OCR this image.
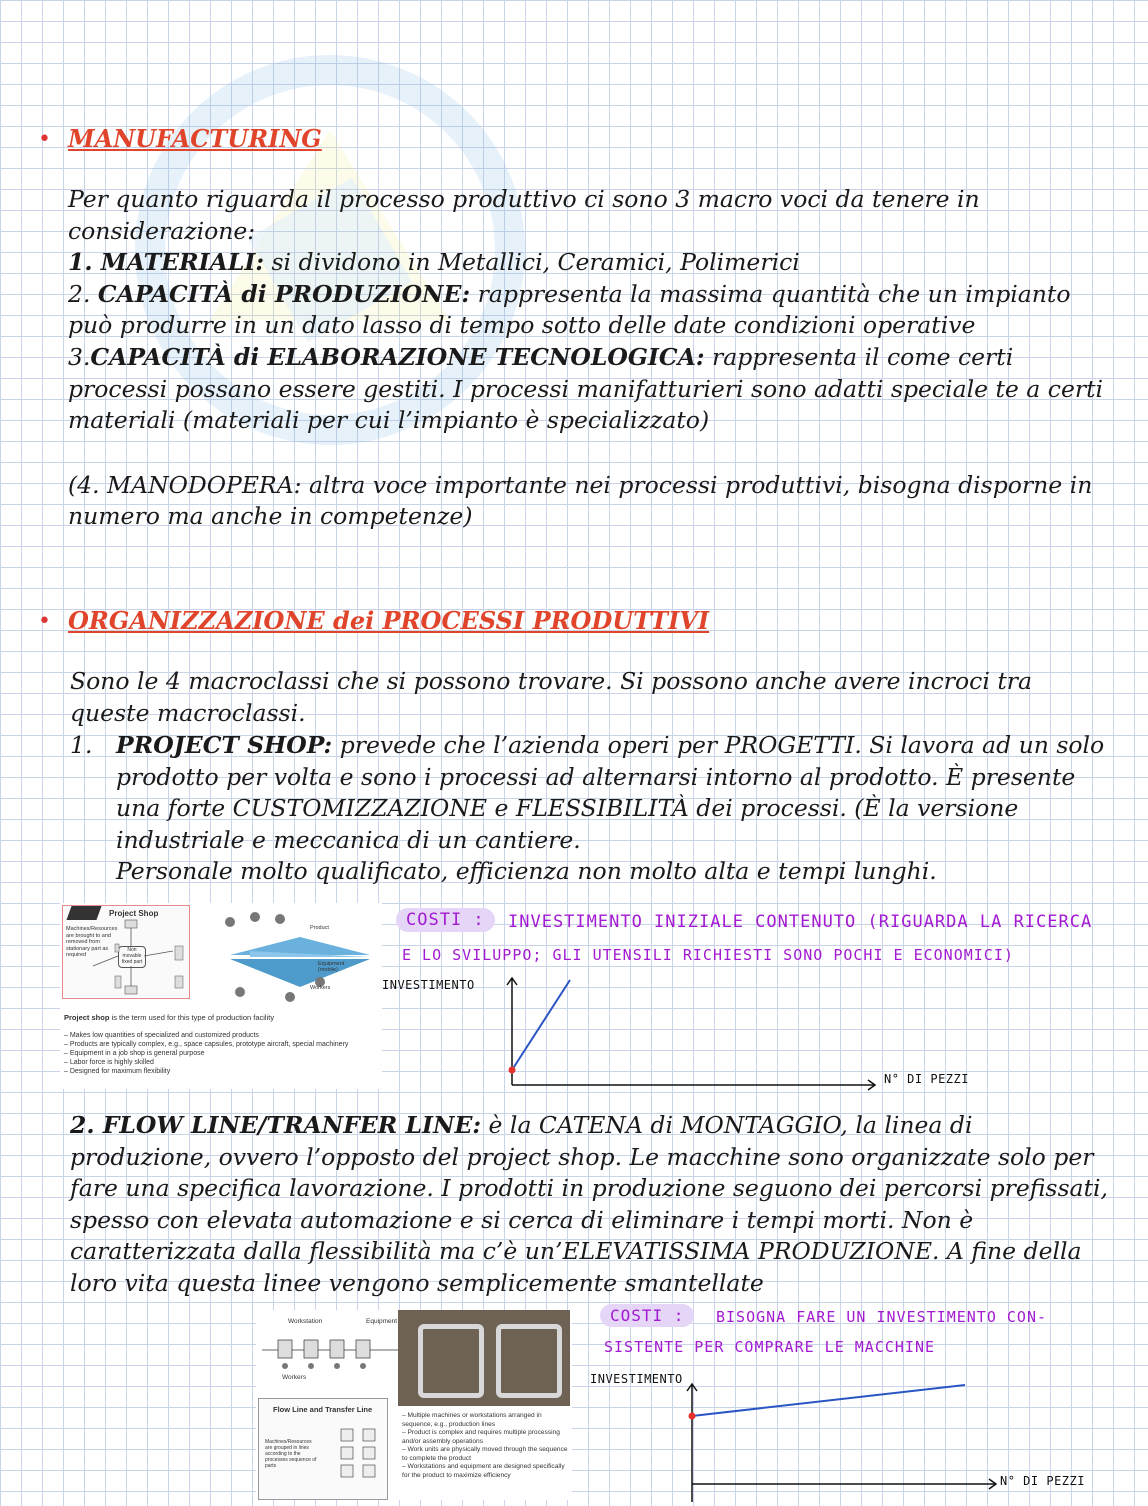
• MANUFACTURING
Per quanto riguarda il processo produttivo ci sono 3 macro voci da tenere in considerazione:
1. MATERIALI: si dividono in Metallici, Ceramici, Polimerici
2. CAPACITÀ di PRODUZIONE: rappresenta la massima quantità che un impianto può produrre in un dato lasso di tempo sotto delle date condizioni operative
3.CAPACITÀ di ELABORAZIONE TECNOLOGICA: rappresenta il come certi processi possano essere gestiti. I processi manifatturieri sono adatti speciale te a certi materiali (materiali per cui l’impianto è specializzato)
(4. MANODOPERA: altra voce importante nei processi produttivi, bisogna disporne in numero ma anche in competenze)
• ORGANIZZAZIONE dei PROCESSI PRODUTTIVI
Sono le 4 macroclassi che si possono trovare. Si possono anche avere incroci tra queste macroclassi.
1. PROJECT SHOP: prevede che l’azienda operi per PROGETTI. Si lavora ad un solo prodotto per volta e sono i processi ad alternarsi intorno al prodotto. È presente una forte CUSTOMIZZAZIONE e FLESSIBILITÀ dei processi. (È la versione industriale e meccanica di un cantiere.
Personale molto qualificato, efficienza non molto alta e tempi lunghi.
Project Shop
Machines/Resources are brought to and removed from stationary part as required
Non movable fixed part
Product
Equipment (mobile)
Workers
Project shop is the term used for this type of production facility
– Makes low quantities of specialized and customized products
– Products are typically complex, e.g., space capsules, prototype aircraft, special machinery
– Equipment in a job shop is general purpose
– Labor force is highly skilled
– Designed for maximum flexibility
COSTI :	INVESTIMENTO INIZIALE CONTENUTO (RIGUARDA LA RICERCA
E LO SVILUPPO; GLI UTENSILI RICHIESTI SONO POCHI E ECONOMICI)
INVESTIMENTO
N° DI PEZZI
2. FLOW LINE/TRANFER LINE: è la CATENA di MONTAGGIO, la linea di produzione, ovvero l’opposto del project shop. Le macchine sono organizzate solo per fare una specifica lavorazione. I prodotti in produzione seguono dei percorsi prefissati, spesso con elevata automazione e si cerca di eliminare i tempi morti. Non è caratterizzata dalla flessibilità ma c’è un’ELEVATISSIMA PRODUZIONE. A fine della loro vita questa linee vengono semplicemente smantellate
Workstation	Equipment
Workers
Flow Line and Transfer Line
Machines/Resources are grouped in lines according to the processes sequence of parts
– Multiple machines or workstations arranged in sequence, e.g., production lines
– Product is complex and requires multiple processing and/or assembly operations
– Work units are physically moved through the sequence to complete the product
– Workstations and equipment are designed specifically for the product to maximize efficiency
COSTI :	BISOGNA FARE UN INVESTIMENTO CON-
SISTENTE PER COMPRARE LE MACCHINE
INVESTIMENTO
N° DI PEZZI
